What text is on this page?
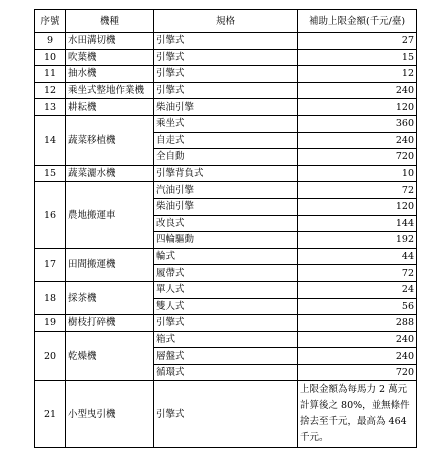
序號	機種	規格	補助上限金額(千元/臺)
9	水田溝切機	引擎式	27
10	吹葉機	引擎式	15
11	抽水機	引擎式	12
12	乘坐式整地作業機	引擎式	240
13	耕耘機	柴油引擎	120
14	蔬菜移植機	乘坐式	360
		自走式	240
		全自動	720
15	蔬菜灑水機	引擎背負式	10
16	農地搬運車	汽油引擎	72
		柴油引擎	120
		改良式	144
		四輪驅動	192
17	田間搬運機	輪式	44
		履帶式	72
18	採茶機	單人式	24
		雙人式	56
19	樹枝打碎機	引擎式	288
20	乾燥機	箱式	240
		層盤式	240
		循環式	720
21	小型曳引機	引擎式	上限金額為每馬力 2 萬元計算後之 80%，並無條件捨去至千元，最高為 464 千元。
